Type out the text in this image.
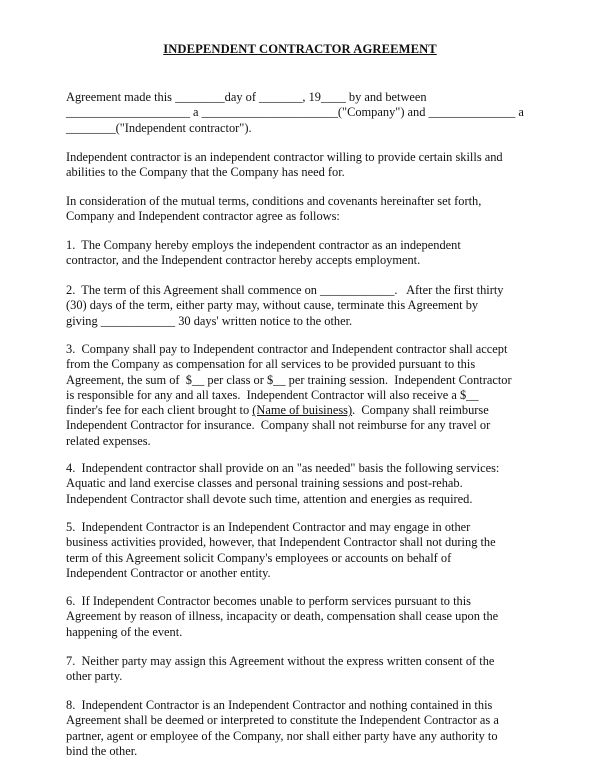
INDEPENDENT CONTRACTOR AGREEMENT
Agreement made this ________day of _______, 19____ by and between
____________________ a ______________________("Company") and ______________ a
________("Independent contractor").
Independent contractor is an independent contractor willing to provide certain skills and
abilities to the Company that the Company has need for.
In consideration of the mutual terms, conditions and covenants hereinafter set forth,
Company and Independent contractor agree as follows:
1.  The Company hereby employs the independent contractor as an independent
contractor, and the Independent contractor hereby accepts employment.
2.  The term of this Agreement shall commence on ____________.   After the first thirty
(30) days of the term, either party may, without cause, terminate this Agreement by
giving ____________ 30 days' written notice to the other.
3.  Company shall pay to Independent contractor and Independent contractor shall accept
from the Company as compensation for all services to be provided pursuant to this
Agreement, the sum of  $__ per class or $__ per training session.  Independent Contractor
is responsible for any and all taxes.  Independent Contractor will also receive a $__
finder's fee for each client brought to (Name of buisiness).  Company shall reimburse
Independent Contractor for insurance.  Company shall not reimburse for any travel or
related expenses.
4.  Independent contractor shall provide on an "as needed" basis the following services:
Aquatic and land exercise classes and personal training sessions and post-rehab.
Independent Contractor shall devote such time, attention and energies as required.
5.  Independent Contractor is an Independent Contractor and may engage in other
business activities provided, however, that Independent Contractor shall not during the
term of this Agreement solicit Company's employees or accounts on behalf of
Independent Contractor or another entity.
6.  If Independent Contractor becomes unable to perform services pursuant to this
Agreement by reason of illness, incapacity or death, compensation shall cease upon the
happening of the event.
7.  Neither party may assign this Agreement without the express written consent of the
other party.
8.  Independent Contractor is an Independent Contractor and nothing contained in this
Agreement shall be deemed or interpreted to constitute the Independent Contractor as a
partner, agent or employee of the Company, nor shall either party have any authority to
bind the other.
